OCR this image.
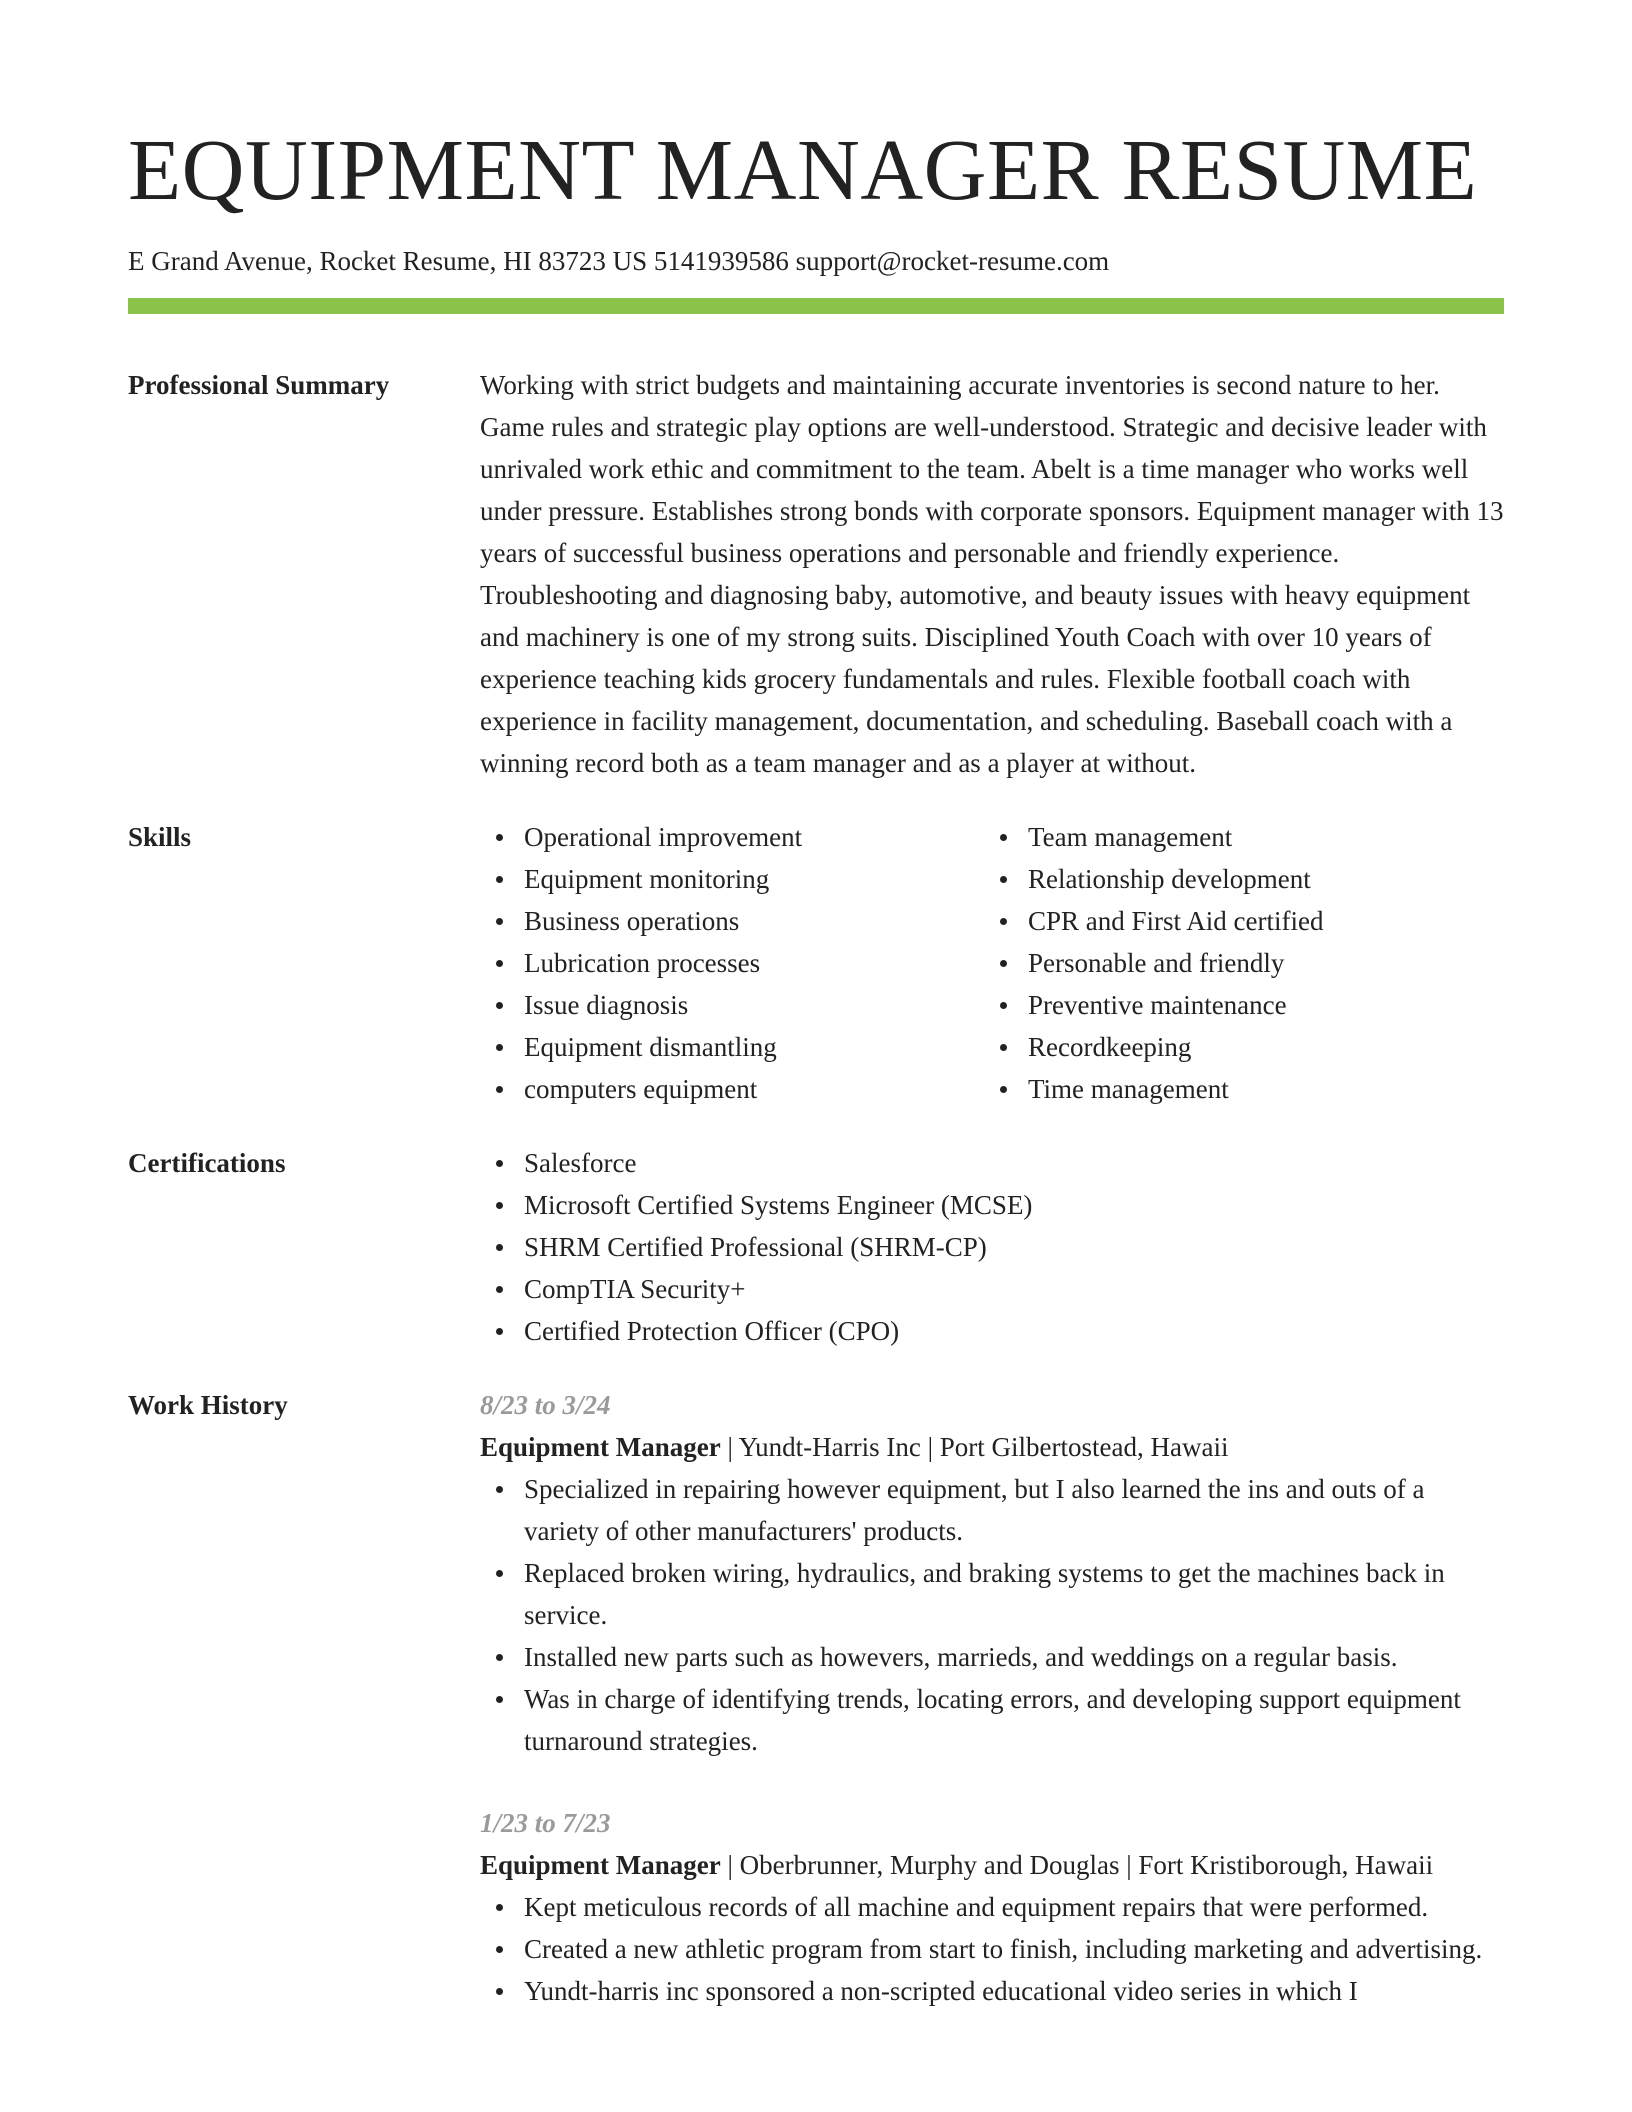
EQUIPMENT MANAGER RESUME
E Grand Avenue, Rocket Resume, HI 83723 US 5141939586 support@rocket-resume.com
Professional Summary	Working with strict budgets and maintaining accurate inventories is second nature to her. Game rules and strategic play options are well-understood. Strategic and decisive leader with unrivaled work ethic and commitment to the team. Abelt is a time manager who works well under pressure. Establishes strong bonds with corporate sponsors. Equipment manager with 13 years of successful business operations and personable and friendly experience. Troubleshooting and diagnosing baby, automotive, and beauty issues with heavy equipment and machinery is one of my strong suits. Disciplined Youth Coach with over 10 years of experience teaching kids grocery fundamentals and rules. Flexible football coach with experience in facility management, documentation, and scheduling. Baseball coach with a winning record both as a team manager and as a player at without.
Skills	Operational improvement
Equipment monitoring
Business operations
Lubrication processes
Issue diagnosis
Equipment dismantling
computers equipment
Team management
Relationship development
CPR and First Aid certified
Personable and friendly
Preventive maintenance
Recordkeeping
Time management
Certifications	Salesforce
Microsoft Certified Systems Engineer (MCSE)
SHRM Certified Professional (SHRM-CP)
CompTIA Security+
Certified Protection Officer (CPO)
Work History	8/23 to 3/24
Equipment Manager | Yundt-Harris Inc | Port Gilbertostead, Hawaii
Specialized in repairing however equipment, but I also learned the ins and outs of a variety of other manufacturers' products.
Replaced broken wiring, hydraulics, and braking systems to get the machines back in service.
Installed new parts such as howevers, marrieds, and weddings on a regular basis.
Was in charge of identifying trends, locating errors, and developing support equipment turnaround strategies.
1/23 to 7/23
Equipment Manager | Oberbrunner, Murphy and Douglas | Fort Kristiborough, Hawaii
Kept meticulous records of all machine and equipment repairs that were performed.
Created a new athletic program from start to finish, including marketing and advertising.
Yundt-harris inc sponsored a non-scripted educational video series in which I
